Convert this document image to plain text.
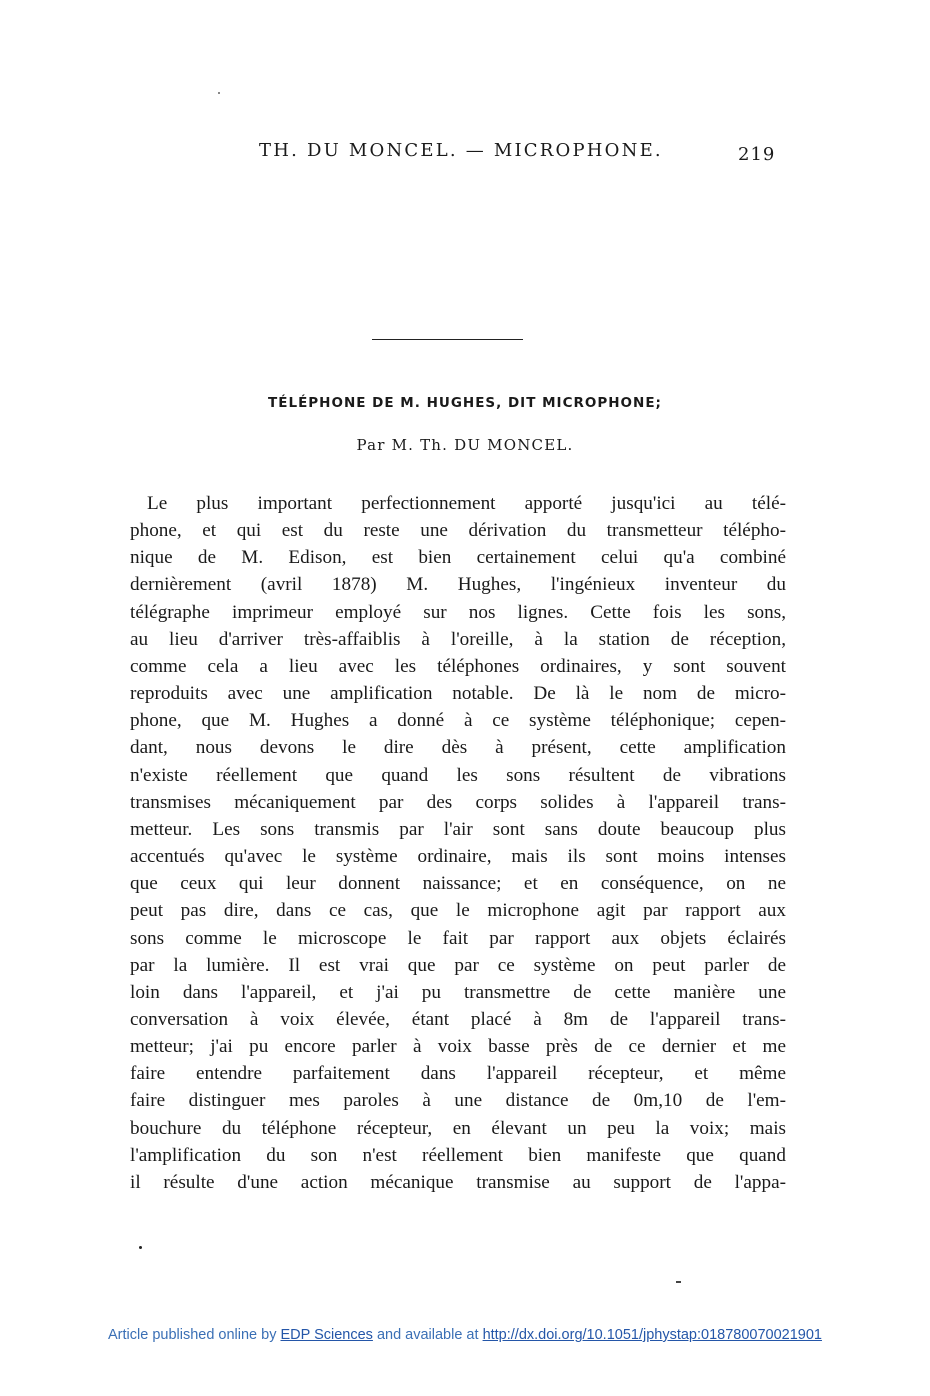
TH. DU MONCEL. — MICROPHONE.	219
TÉLÉPHONE DE M. HUGHES, DIT MICROPHONE;
Par M. Th. DU MONCEL.
Le plus important perfectionnement apporté jusqu'ici au télé-
phone, et qui est du reste une dérivation du transmetteur télépho-
nique de M. Edison, est bien certainement celui qu'a combiné
dernièrement (avril 1878) M. Hughes, l'ingénieux inventeur du
télégraphe imprimeur employé sur nos lignes. Cette fois les sons,
au lieu d'arriver très-affaiblis à l'oreille, à la station de réception,
comme cela a lieu avec les téléphones ordinaires, y sont souvent
reproduits avec une amplification notable. De là le nom de micro-
phone, que M. Hughes a donné à ce système téléphonique; cepen-
dant, nous devons le dire dès à présent, cette amplification
n'existe réellement que quand les sons résultent de vibrations
transmises mécaniquement par des corps solides à l'appareil trans-
metteur. Les sons transmis par l'air sont sans doute beaucoup plus
accentués qu'avec le système ordinaire, mais ils sont moins intenses
que ceux qui leur donnent naissance; et en conséquence, on ne
peut pas dire, dans ce cas, que le microphone agit par rapport aux
sons comme le microscope le fait par rapport aux objets éclairés
par la lumière. Il est vrai que par ce système on peut parler de
loin dans l'appareil, et j'ai pu transmettre de cette manière une
conversation à voix élevée, étant placé à 8m de l'appareil trans-
metteur; j'ai pu encore parler à voix basse près de ce dernier et me
faire entendre parfaitement dans l'appareil récepteur, et même
faire distinguer mes paroles à une distance de 0m,10 de l'em-
bouchure du téléphone récepteur, en élevant un peu la voix; mais
l'amplification du son n'est réellement bien manifeste que quand
il résulte d'une action mécanique transmise au support de l'appa-
Article published online by EDP Sciences and available at http://dx.doi.org/10.1051/jphystap:018780070021901
